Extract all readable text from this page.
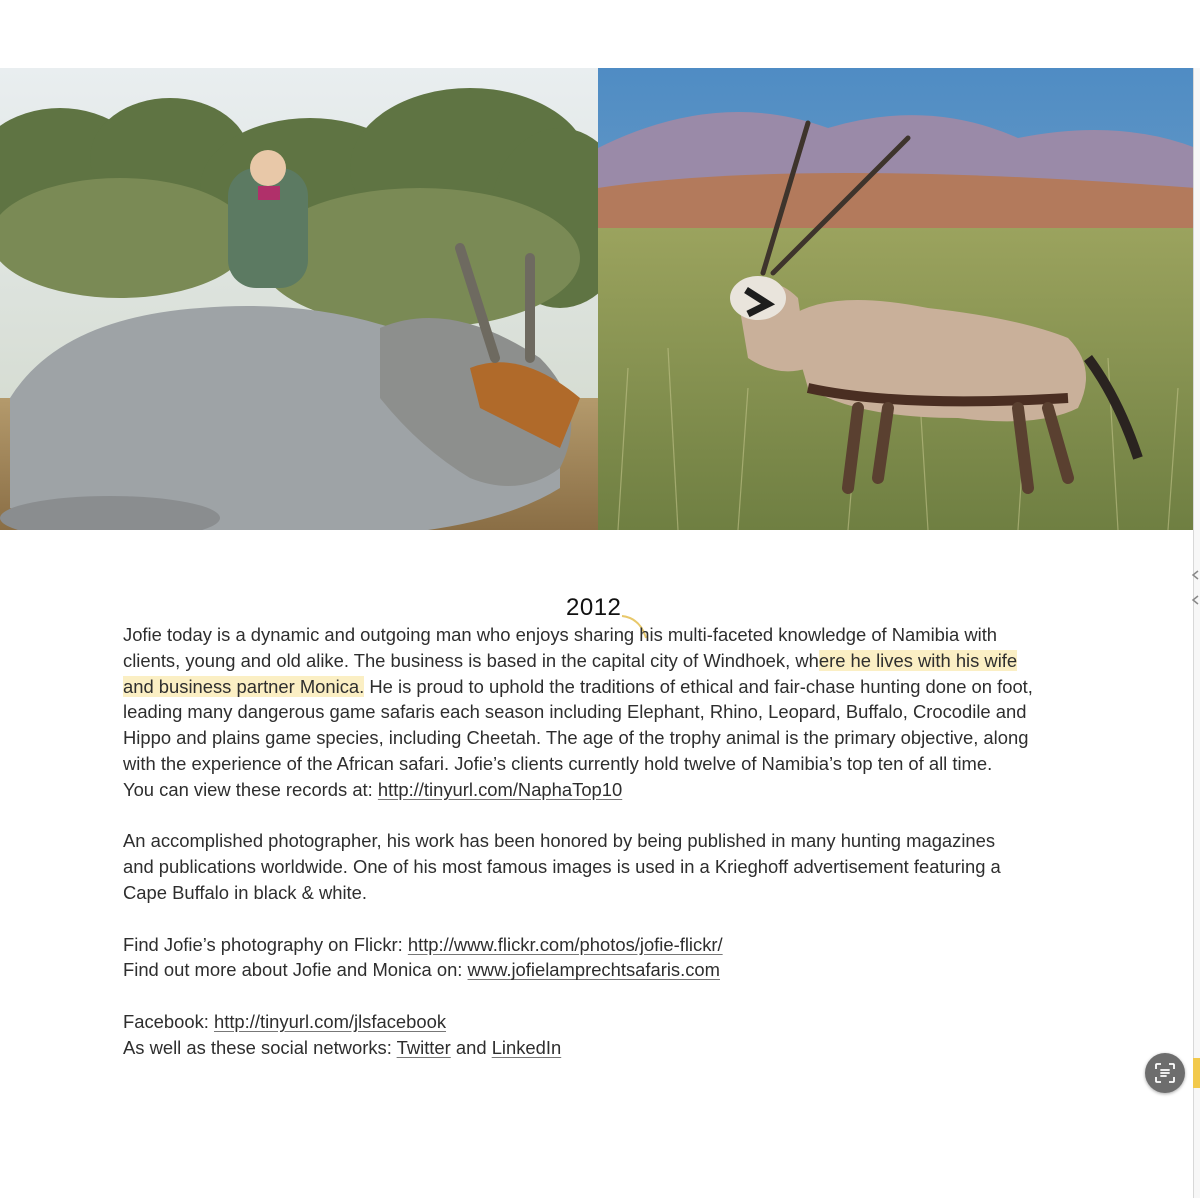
2012

Jofie today is a dynamic and outgoing man who enjoys sharing his multi-faceted knowledge of Namibia with
clients, young and old alike. The business is based in the capital city of Windhoek, where he lives with his wife
and business partner Monica. He is proud to uphold the traditions of ethical and fair-chase hunting done on foot,
leading many dangerous game safaris each season including Elephant, Rhino, Leopard, Buffalo, Crocodile and
Hippo and plains game species, including Cheetah. The age of the trophy animal is the primary objective, along
with the experience of the African safari. Jofie’s clients currently hold twelve of Namibia’s top ten of all time.
You can view these records at: http://tinyurl.com/NaphaTop10

An accomplished photographer, his work has been honored by being published in many hunting magazines
and publications worldwide. One of his most famous images is used in a Krieghoff advertisement featuring a
Cape Buffalo in black & white.

Find Jofie’s photography on Flickr: http://www.flickr.com/photos/jofie-flickr/
Find out more about Jofie and Monica on: www.jofielamprechtsafaris.com

Facebook: http://tinyurl.com/jlsfacebook
As well as these social networks: Twitter and LinkedIn
